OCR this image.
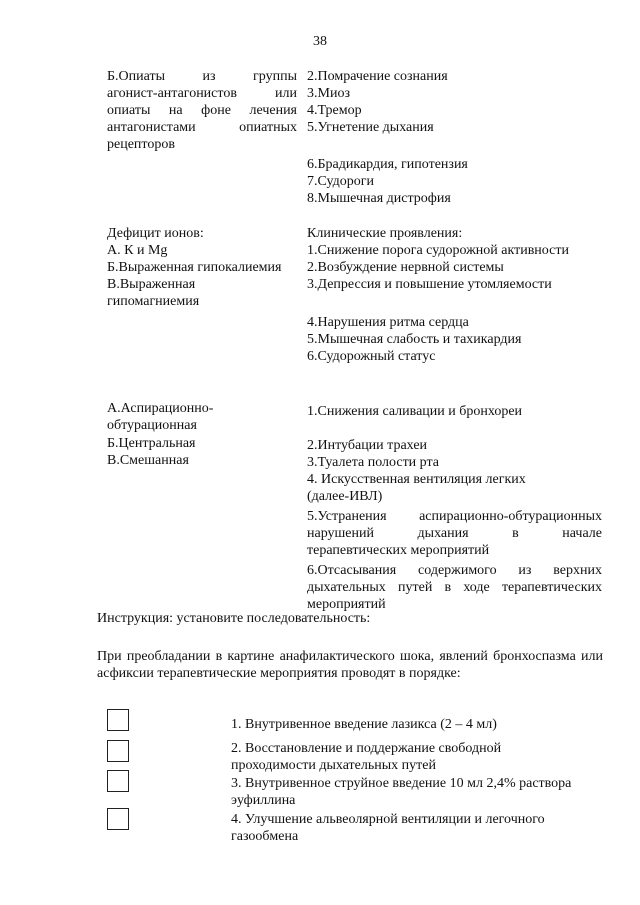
38
Б.Опиаты из группы
агонист-антагонистов или
опиаты на фоне лечения
антагонистами опиатных
рецепторов
2.Помрачение сознания
3.Миоз
4.Тремор
5.Угнетение дыхания
6.Брадикардия, гипотензия
7.Судороги
8.Мышечная дистрофия
Дефицит ионов:
А. К и Mg
Б.Выраженная гипокалиемия
В.Выраженная
гипомагниемия
Клинические проявления:
1.Снижение порога судорожной активности
2.Возбуждение нервной системы
3.Депрессия и повышение утомляемости
4.Нарушения ритма сердца
5.Мышечная слабость и тахикардия
6.Судорожный статус
А.Аспирационно-
обтурационная
Б.Центральная
В.Смешанная
1.Снижения саливации и бронхореи
2.Интубации трахеи
3.Туалета полости рта
4. Искусственная вентиляция легких
(далее-ИВЛ)
5.Устранения аспирационно-обтурационных
нарушений дыхания в начале
терапевтических мероприятий
6.Отсасывания содержимого из верхних
дыхательных путей в ходе терапевтических
мероприятий
Инструкция: установите последовательность:
При преобладании в картине анафилактического шока, явлений бронхоспазма или асфиксии терапевтические мероприятия проводят в порядке:
1. Внутривенное введение лазикса (2 – 4 мл)
2. Восстановление и поддержание свободной проходимости дыхательных путей
3. Внутривенное струйное введение 10 мл 2,4% раствора эуфиллина
4. Улучшение альвеолярной вентиляции и легочного газообмена
